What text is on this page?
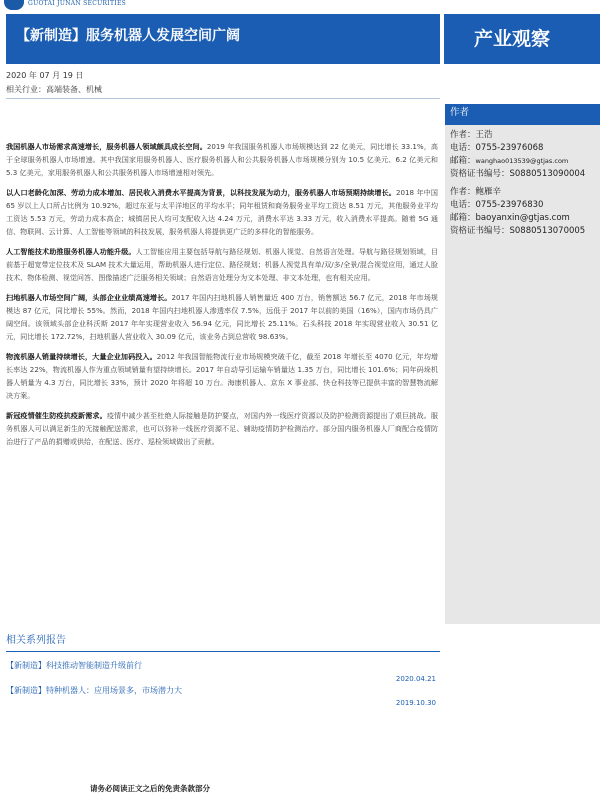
GUOTAI JUNAN SECURITIES
【新制造】服务机器人发展空间广阔	产业观察
2020 年 07 月 19 日
相关行业：高端装备、机械

我国机器人市场需求高速增长，服务机器人领域颇具成长空间。2019 年我国服务机器人市场规模达到 22 亿美元，同比增长 33.1%，高于全球服务机器人市场增速。其中我国家用服务机器人、医疗服务机器人和公共服务机器人市场规模分别为 10.5 亿美元、6.2 亿美元和 5.3 亿美元，家用服务机器人和公共服务机器人市场增速相对领先。

以人口老龄化加深、劳动力成本增加、居民收入消费水平提高为背景，以科技发展为动力，服务机器人市场预期持续增长。2018 年中国 65 岁以上人口所占比例为 10.92%，超过东亚与太平洋地区的平均水平；同年租赁和商务服务业平均工资达 8.51 万元，其他服务业平均工资达 5.53 万元，劳动力成本高企；城镇居民人均可支配收入达 4.24 万元，消费水平达 3.33 万元，收入消费水平提高。随着 5G 通信、物联网、云计算、人工智能等领域的科技发展，服务机器人将提供更广泛的多样化的智能服务。

人工智能技术助推服务机器人功能升级。人工智能应用主要包括导航与路径规划、机器人视觉、自然语言处理。导航与路径规划领域，目前基于超宽带定位技术及 SLAM 技术大量运用，帮助机器人进行定位、路径规划；机器人视觉具有单/双/多/全景/混合视觉应用，通过人脸技术、物体检测、视觉问答、图像描述广泛服务相关领域；自然语言处理分为文本处理、非文本处理，也有相关应用。

扫地机器人市场空间广阔，头部企业业绩高速增长。2017 年国内扫地机器人销售量近 400 万台，销售额达 56.7 亿元，2018 年市场规模达 87 亿元，同比增长 55%。然而，2018 年国内扫地机器人渗透率仅 7.5%，远低于 2017 年以前的美国（16%），国内市场仍具广阔空间。该领域头部企业科沃斯 2017 年年实现营业收入 56.94 亿元，同比增长 25.11%。石头科技 2018 年实现营业收入 30.51 亿元，同比增长 172.72%，扫地机器人营业收入 30.09 亿元，该业务占到总营收 98.63%。

物流机器人销量持续增长，大量企业加码投入。2012 年我国智能物流行业市场规模突破千亿，截至 2018 年增长至 4070 亿元，年均增长率达 22%，物流机器人作为重点领域销量有望持续增长。2017 年自动导引运输车销量达 1.35 万台，同比增长 101.6%；同年码垛机器人销量为 4.3 万台，同比增长 33%，预计 2020 年将超 10 万台。海康机器人、京东 X 事业部、快仓科技等已提供丰富的智慧物流解决方案。

新冠疫情催生防疫抗疫新需求。疫情中减少甚至杜绝人际接触是防护要点，对国内外一线医疗资源以及防护检测资源提出了艰巨挑战。服务机器人可以满足新生的无接触配送需求，也可以弥补一线医疗资源不足、辅助疫情防护检测治疗。部分国内服务机器人厂商配合疫情防治进行了产品的捐赠或供给，在配送、医疗、巡检领域做出了贡献。

作者
作者：王浩
电话：0755-23976068
邮箱：wanghao013539@gtjas.com
资格证书编号：S0880513090004
作者：鲍雁辛
电话：0755-23976830
邮箱：baoyanxin@gtjas.com
资格证书编号：S0880513070005
相关系列报告
【新制造】科技推动智能制造升级前行
2020.04.21
【新制造】特种机器人：应用场景多，市场潜力大
2019.10.30
请务必阅读正文之后的免责条款部分
